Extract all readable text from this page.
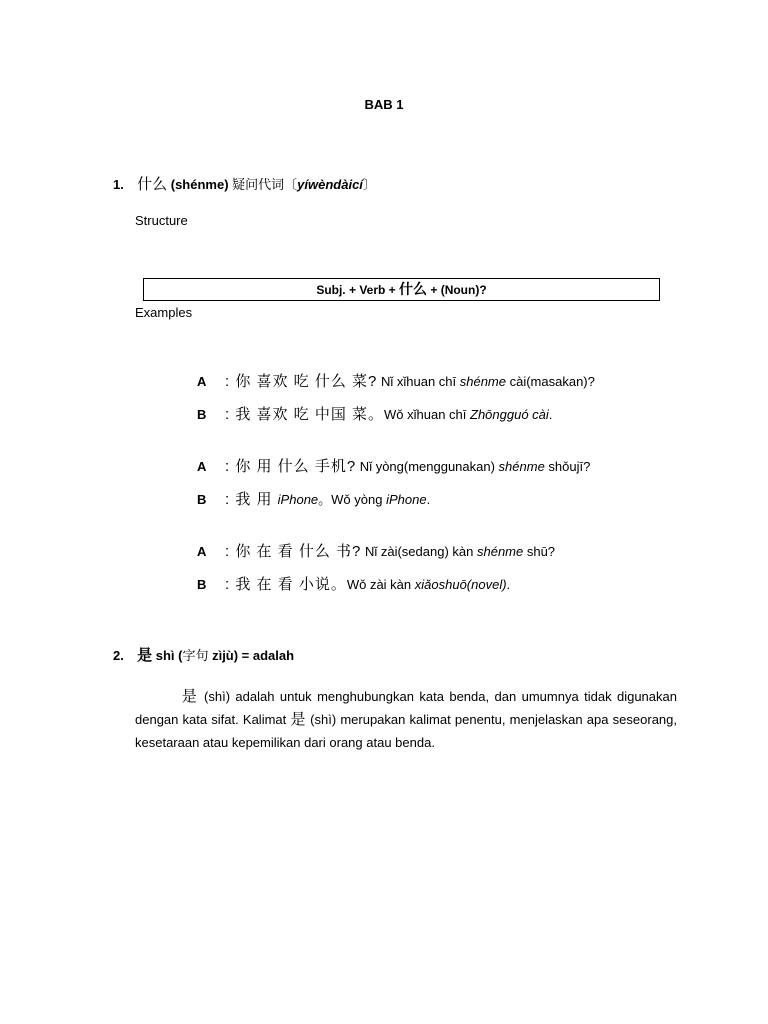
BAB 1
1. 什么 (shénme) 疑问代词〔yíwèndàicí〕
Structure
Subj. + Verb + 什么 + (Noun)?
Examples
A : 你 喜欢 吃 什么 菜? Nǐ xǐhuan chī shénme cài(masakan)?
B : 我 喜欢 吃 中国 菜。Wǒ xǐhuan chī Zhōngguó cài.
A : 你 用 什么 手机? Nǐ yòng(menggunakan) shénme shǒujī?
B : 我 用 iPhone。Wǒ yòng iPhone.
A : 你 在 看 什么 书? Nǐ zài(sedang) kàn shénme shū?
B : 我 在 看 小说。Wǒ zài kàn xiǎoshuō(novel).
2. 是 shì (字句 zìjù) = adalah
是 (shì) adalah untuk menghubungkan kata benda, dan umumnya tidak digunakan dengan kata sifat. Kalimat 是 (shì) merupakan kalimat penentu, menjelaskan apa seseorang, kesetaraan atau kepemilikan dari orang atau benda.
